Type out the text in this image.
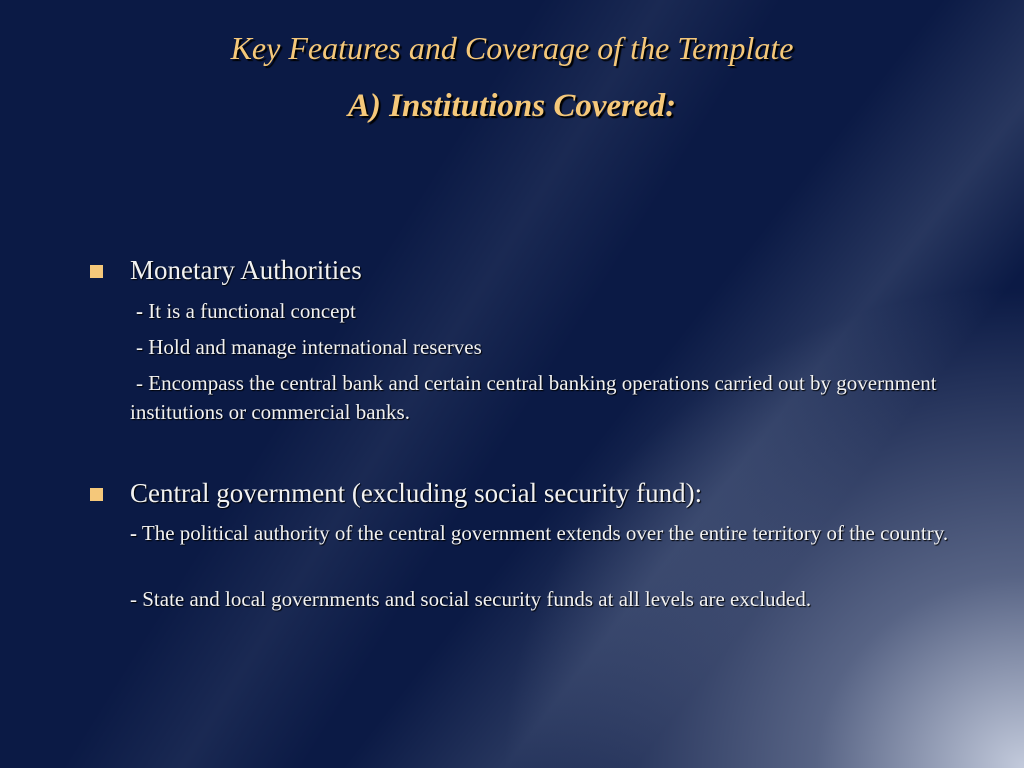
Key Features and Coverage of the Template
A) Institutions Covered:
Monetary Authorities
- It is a functional concept
- Hold and manage international reserves
- Encompass the central bank and certain central banking operations carried out by government institutions or commercial banks.
Central government (excluding social security fund):
- The political authority of the central government extends over the entire territory of the country.
- State and local governments and social security funds at all levels are excluded.
